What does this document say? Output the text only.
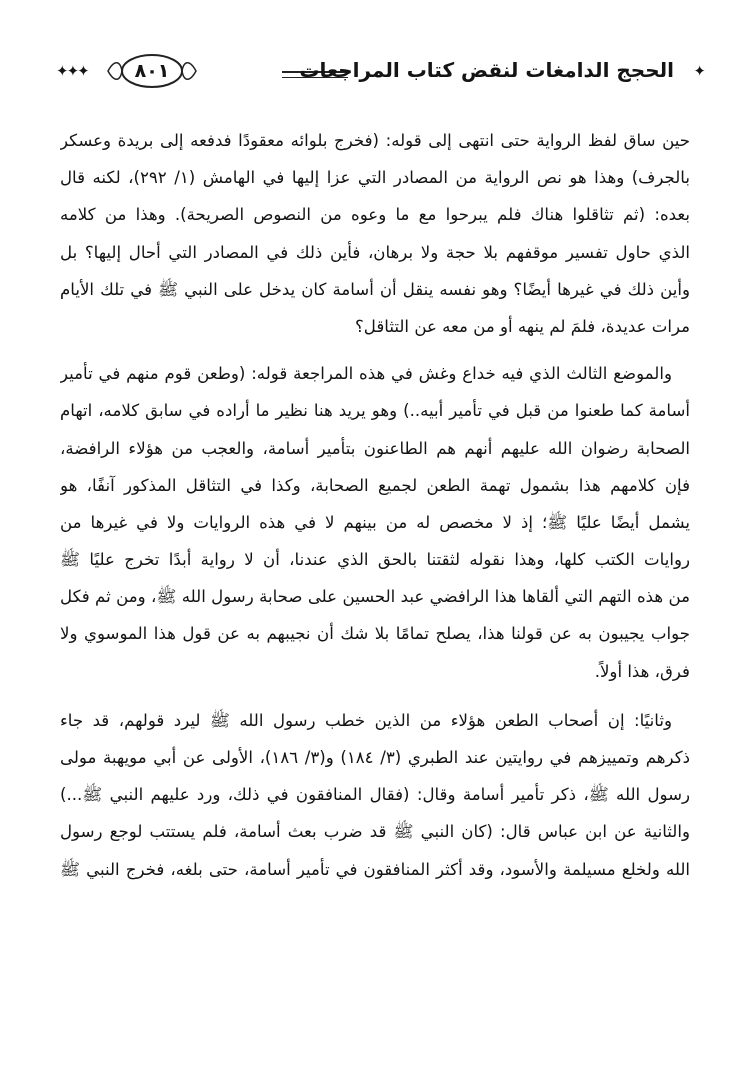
✦✦✦	٨٠١	الحجج الدامغات لنقض كتاب المراجعات ✦
حين ساق لفظ الرواية حتى انتهى إلى قوله: (فخرج بلوائه معقودًا فدفعه إلى بريدة وعسكر
بالجرف) وهذا هو نص الرواية من المصادر التي عزا إليها في الهامش (١/ ٢٩٢)، لكنه قال
بعده: (ثم تثاقلوا هناك فلم يبرحوا مع ما وعوه من النصوص الصريحة). وهذا من كلامه
الذي حاول تفسير موقفهم بلا حجة ولا برهان، فأين ذلك في المصادر التي أحال إليها؟ بل
وأين ذلك في غيرها أيضًا؟ وهو نفسه ينقل أن أسامة كان يدخل على النبي ﷺ في تلك الأيام
مرات عديدة، فلمَ لم ينهه أو من معه عن التثاقل؟
والموضع الثالث الذي فيه خداع وغش في هذه المراجعة قوله: (وطعن قوم منهم في تأمير
أسامة كما طعنوا من قبل في تأمير أبيه..) وهو يريد هنا نظير ما أراده في سابق كلامه، اتهام
الصحابة رضوان الله عليهم أنهم هم الطاعنون بتأمير أسامة، والعجب من هؤلاء الرافضة،
فإن كلامهم هذا بشمول تهمة الطعن لجميع الصحابة، وكذا في التثاقل المذكور آنفًا، هو
يشمل أيضًا عليًا ﷺ؛ إذ لا مخصص له من بينهم لا في هذه الروايات ولا في غيرها من
روايات الكتب كلها، وهذا نقوله لثقتنا بالحق الذي عندنا، أن لا رواية أبدًا تخرج عليًا ﷺ
من هذه التهم التي ألقاها هذا الرافضي عبد الحسين على صحابة رسول الله ﷺ، ومن ثم فكل
جواب يجيبون به عن قولنا هذا، يصلح تمامًا بلا شك أن نجيبهم به عن قول هذا الموسوي ولا
فرق، هذا أولاً.
وثانيًا: إن أصحاب الطعن هؤلاء من الذين خطب رسول الله ﷺ ليرد قولهم، قد جاء
ذكرهم وتمييزهم في روايتين عند الطبري (٣/ ١٨٤) و(٣/ ١٨٦)، الأولى عن أبي مويهبة مولى
رسول الله ﷺ، ذكر تأمير أسامة وقال: (فقال المنافقون في ذلك، ورد عليهم النبي ﷺ...)
والثانية عن ابن عباس قال: (كان النبي ﷺ قد ضرب بعث أسامة، فلم يستتب لوجع رسول
الله ولخلع مسيلمة والأسود، وقد أكثر المنافقون في تأمير أسامة، حتى بلغه، فخرج النبي ﷺ
